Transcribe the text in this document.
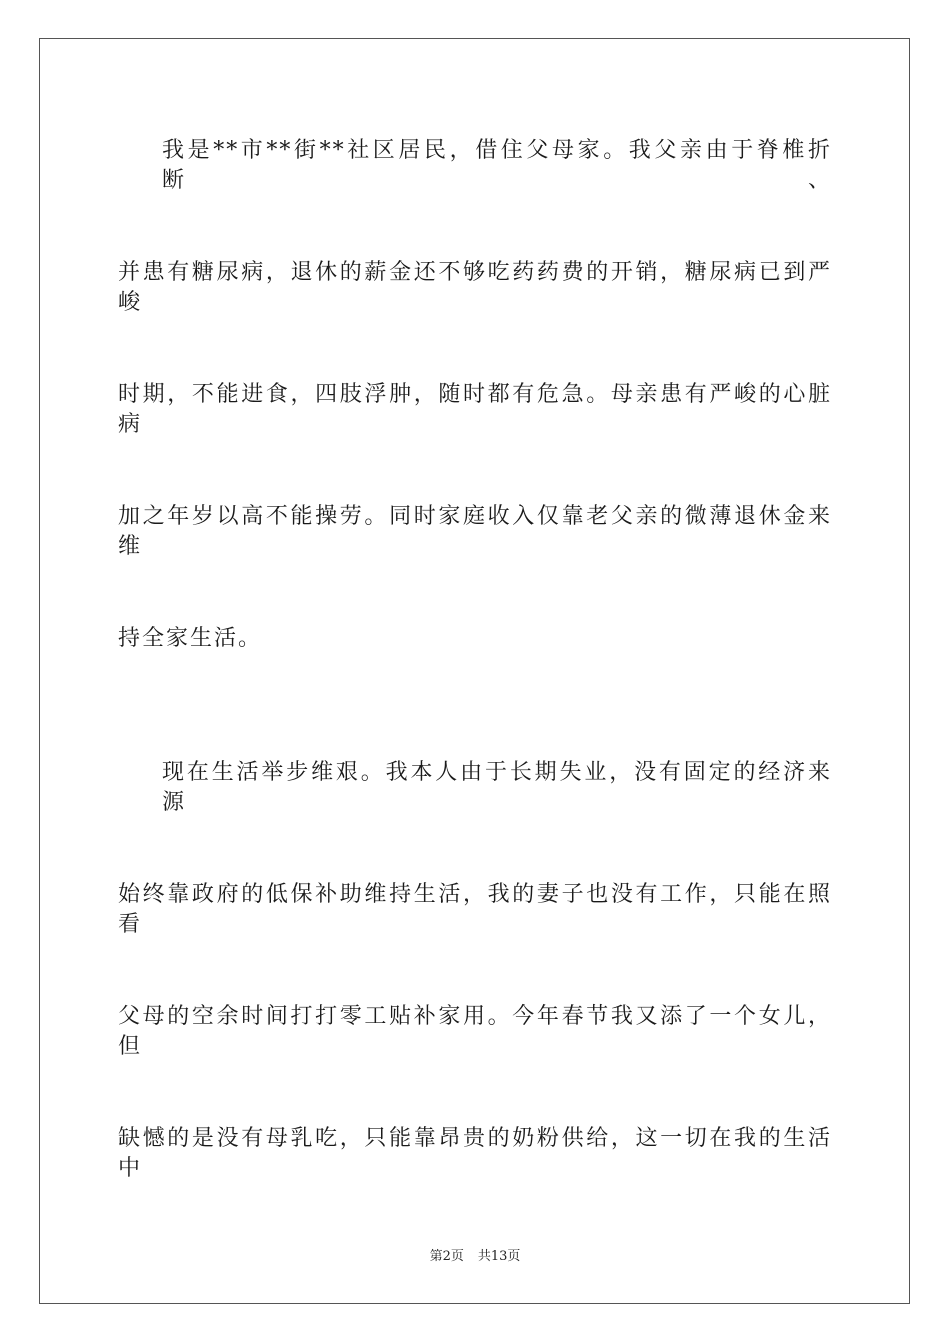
我是**市**街**社区居民，借住父母家。我父亲由于脊椎折断、
并患有糖尿病，退休的薪金还不够吃药药费的开销，糖尿病已到严峻
时期，不能进食，四肢浮肿，随时都有危急。母亲患有严峻的心脏病
加之年岁以高不能操劳。同时家庭收入仅靠老父亲的微薄退休金来维
持全家生活。
现在生活举步维艰。我本人由于长期失业，没有固定的经济来源
始终靠政府的低保补助维持生活，我的妻子也没有工作，只能在照看
父母的空余时间打打零工贴补家用。今年春节我又添了一个女儿，但
缺憾的是没有母乳吃，只能靠昂贵的奶粉供给，这一切在我的生活中
第2页 共13页
